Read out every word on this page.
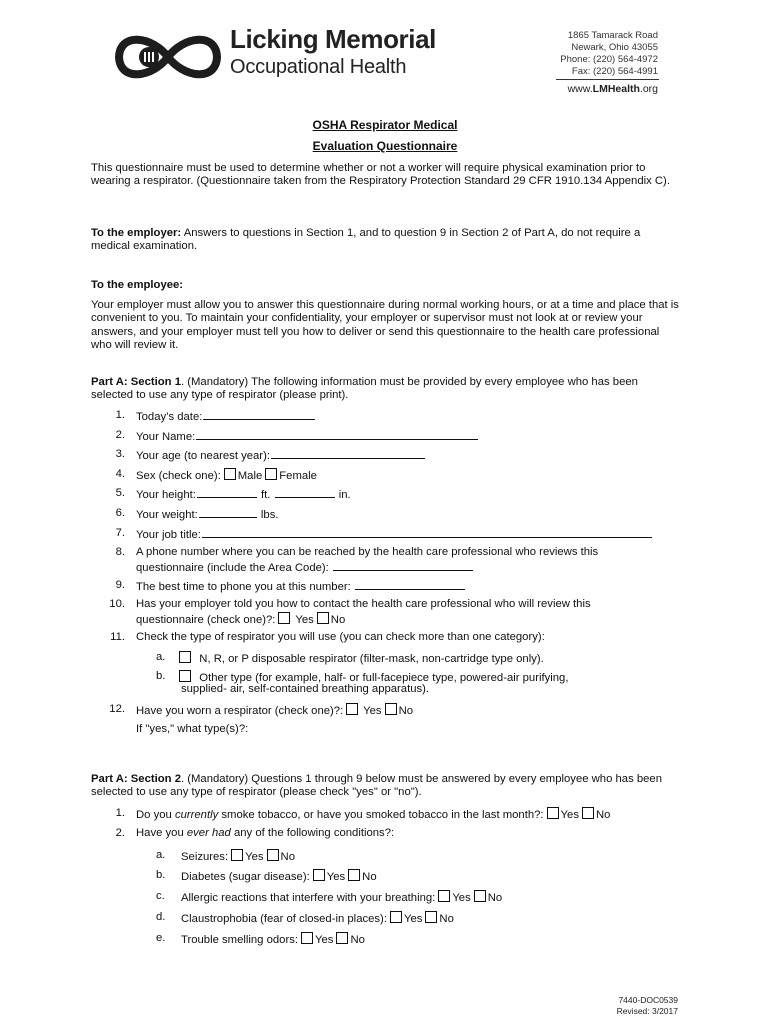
Licking Memorial
Occupational Health
1865 Tamarack Road
Newark, Ohio 43055
Phone: (220) 564-4972
Fax: (220) 564-4991
www.LMHealth.org
OSHA Respirator Medical
Evaluation Questionnaire
This questionnaire must be used to determine whether or not a worker will require physical examination prior to wearing a respirator. (Questionnaire taken from the Respiratory Protection Standard 29 CFR 1910.134 Appendix C).
To the employer: Answers to questions in Section 1, and to question 9 in Section 2 of Part A, do not require a medical examination.
To the employee:
Your employer must allow you to answer this questionnaire during normal working hours, or at a time and place that is convenient to you. To maintain your confidentiality, your employer or supervisor must not look at or review your answers, and your employer must tell you how to deliver or send this questionnaire to the health care professional who will review it.
Part A: Section 1. (Mandatory) The following information must be provided by every employee who has been selected to use any type of respirator (please print).
1. Today’s date:
2. Your Name:
3. Your age (to nearest year):
4. Sex (check one): Male Female
5. Your height:	ft.	in.
6. Your weight:	lbs.
7. Your job title:
8. A phone number where you can be reached by the health care professional who reviews this
questionnaire (include the Area Code):
9. The best time to phone you at this number:
10. Has your employer told you how to contact the health care professional who will review this
questionnaire (check one)?: Yes No
11. Check the type of respirator you will use (you can check more than one category):
a.	N, R, or P disposable respirator (filter-mask, non-cartridge type only).
b.	Other type (for example, half- or full-facepiece type, powered-air purifying,
supplied- air, self-contained breathing apparatus).
12. Have you worn a respirator (check one)?: Yes No
If "yes," what type(s)?:
Part A: Section 2. (Mandatory) Questions 1 through 9 below must be answered by every employee who has been selected to use any type of respirator (please check "yes" or "no").
1. Do you currently smoke tobacco, or have you smoked tobacco in the last month?: Yes No
2. Have you ever had any of the following conditions?:
a. Seizures: Yes No
b. Diabetes (sugar disease): Yes No
c. Allergic reactions that interfere with your breathing: Yes No
d. Claustrophobia (fear of closed-in places): Yes No
e. Trouble smelling odors: Yes No
7440-DOC0539
Revised: 3/2017
